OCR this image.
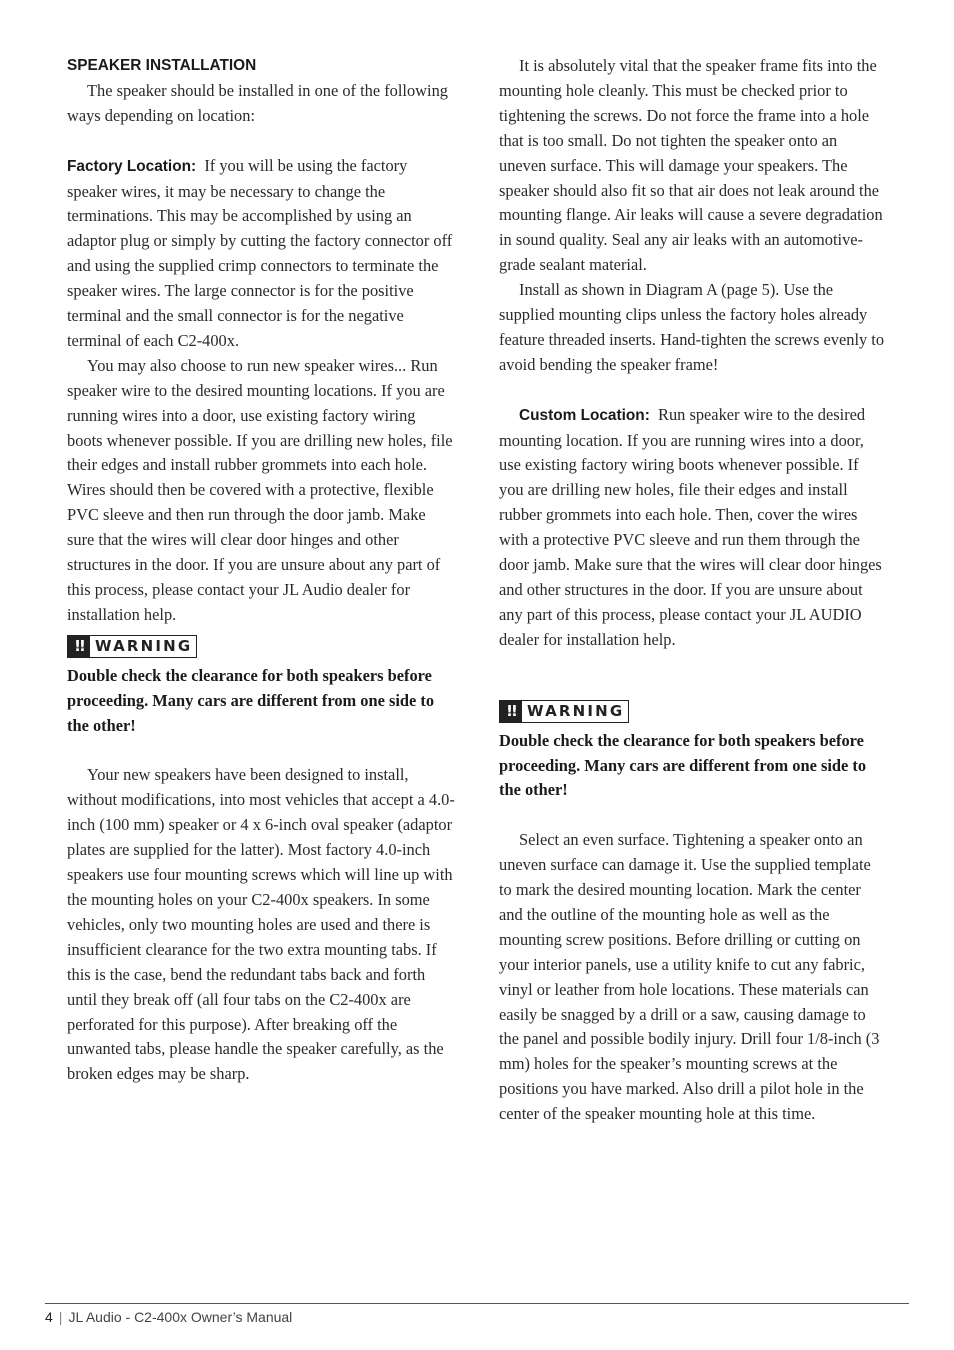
SPEAKER INSTALLATION

The speaker should be installed in one of the following ways depending on location:

Factory Location: If you will be using the factory speaker wires, it may be necessary to change the terminations. This may be accomplished by using an adaptor plug or simply by cutting the factory connector off and using the supplied crimp connectors to terminate the speaker wires. The large connector is for the positive terminal and the small connector is for the negative terminal of each C2-400x.

You may also choose to run new speaker wires... Run speaker wire to the desired mounting locations. If you are running wires into a door, use existing factory wiring boots whenever possible. If you are drilling new holes, file their edges and install rubber grommets into each hole. Wires should then be covered with a protective, flexible PVC sleeve and then run through the door jamb. Make sure that the wires will clear door hinges and other structures in the door. If you are unsure about any part of this process, please contact your JL Audio dealer for installation help.

!! WARNING

Double check the clearance for both speakers before proceeding. Many cars are different from one side to the other!

Your new speakers have been designed to install, without modifications, into most vehicles that accept a 4.0-inch (100 mm) speaker or 4 x 6-inch oval speaker (adaptor plates are supplied for the latter). Most factory 4.0-inch speakers use four mounting screws which will line up with the mounting holes on your C2-400x speakers. In some vehicles, only two mounting holes are used and there is insufficient clearance for the two extra mounting tabs. If this is the case, bend the redundant tabs back and forth until they break off (all four tabs on the C2-400x are perforated for this purpose). After breaking off the unwanted tabs, please handle the speaker carefully, as the broken edges may be sharp.

It is absolutely vital that the speaker frame fits into the mounting hole cleanly. This must be checked prior to tightening the screws. Do not force the frame into a hole that is too small. Do not tighten the speaker onto an uneven surface. This will damage your speakers. The speaker should also fit so that air does not leak around the mounting flange. Air leaks will cause a severe degradation in sound quality. Seal any air leaks with an automotive-grade sealant material.

Install as shown in Diagram A (page 5). Use the supplied mounting clips unless the factory holes already feature threaded inserts. Hand-tighten the screws evenly to avoid bending the speaker frame!

Custom Location: Run speaker wire to the desired mounting location. If you are running wires into a door, use existing factory wiring boots whenever possible. If you are drilling new holes, file their edges and install rubber grommets into each hole. Then, cover the wires with a protective PVC sleeve and run them through the door jamb. Make sure that the wires will clear door hinges and other structures in the door. If you are unsure about any part of this process, please contact your JL AUDIO dealer for installation help.

!! WARNING

Double check the clearance for both speakers before proceeding. Many cars are different from one side to the other!

Select an even surface. Tightening a speaker onto an uneven surface can damage it. Use the supplied template to mark the desired mounting location. Mark the center and the outline of the mounting hole as well as the mounting screw positions. Before drilling or cutting on your interior panels, use a utility knife to cut any fabric, vinyl or leather from hole locations. These materials can easily be snagged by a drill or a saw, causing damage to the panel and possible bodily injury. Drill four 1/8-inch (3 mm) holes for the speaker’s mounting screws at the positions you have marked. Also drill a pilot hole in the center of the speaker mounting hole at this time.

4 | JL Audio - C2-400x Owner’s Manual
